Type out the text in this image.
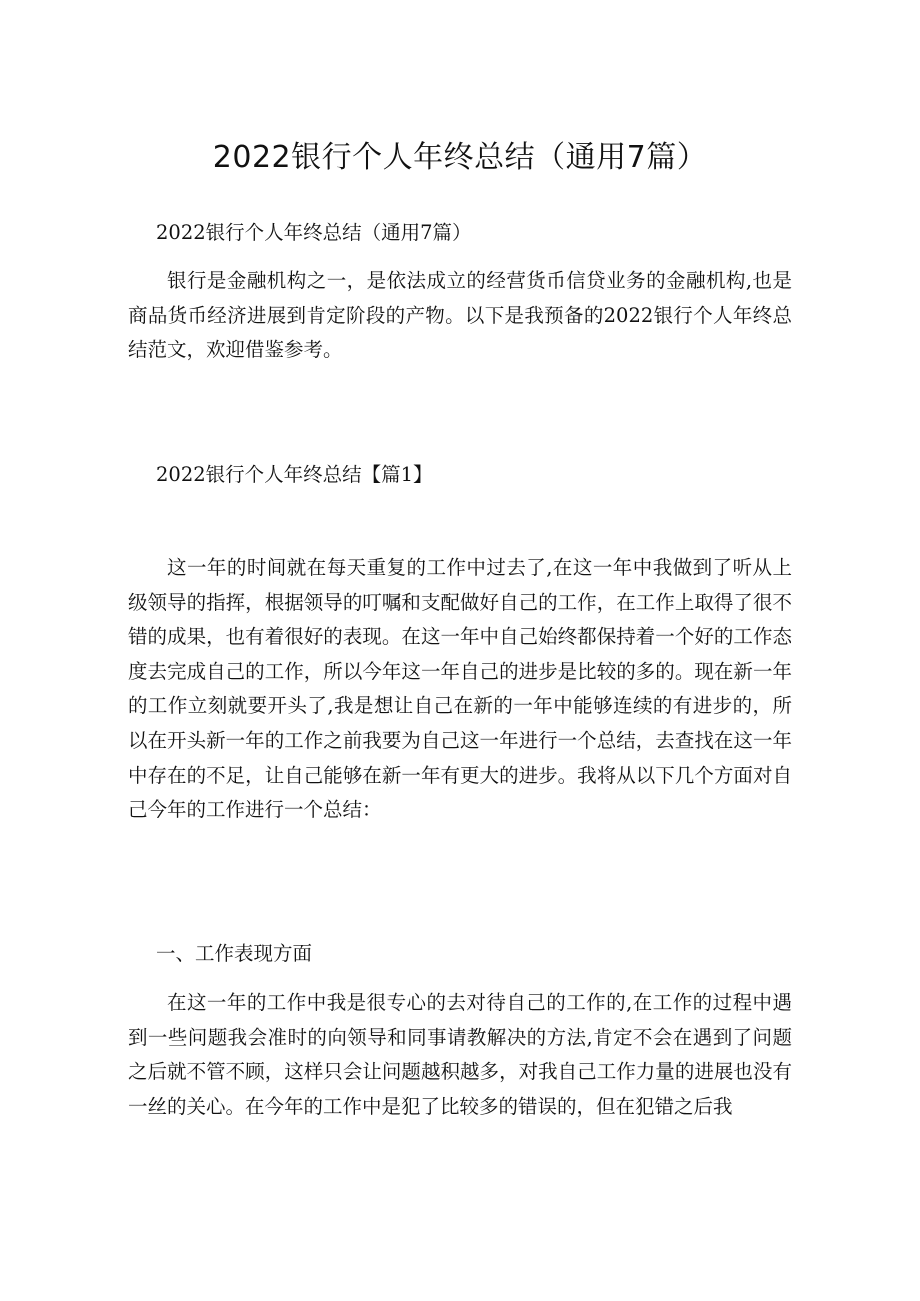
2022银行个人年终总结（通用7篇）

2022银行个人年终总结（通用7篇）

银行是金融机构之一，是依法成立的经营货币信贷业务的金融机构,也是商品货币经济进展到肯定阶段的产物。以下是我预备的2022银行个人年终总结范文，欢迎借鉴参考。

2022银行个人年终总结【篇1】

这一年的时间就在每天重复的工作中过去了,在这一年中我做到了听从上级领导的指挥，根据领导的叮嘱和支配做好自己的工作，在工作上取得了很不错的成果，也有着很好的表现。在这一年中自己始终都保持着一个好的工作态度去完成自己的工作，所以今年这一年自己的进步是比较的多的。现在新一年的工作立刻就要开头了,我是想让自己在新的一年中能够连续的有进步的，所以在开头新一年的工作之前我要为自己这一年进行一个总结，去查找在这一年中存在的不足，让自己能够在新一年有更大的进步。我将从以下几个方面对自己今年的工作进行一个总结：

一、工作表现方面

在这一年的工作中我是很专心的去对待自己的工作的,在工作的过程中遇到一些问题我会准时的向领导和同事请教解决的方法,肯定不会在遇到了问题之后就不管不顾，这样只会让问题越积越多，对我自己工作力量的进展也没有一丝的关心。在今年的工作中是犯了比较多的错误的，但在犯错之后我
